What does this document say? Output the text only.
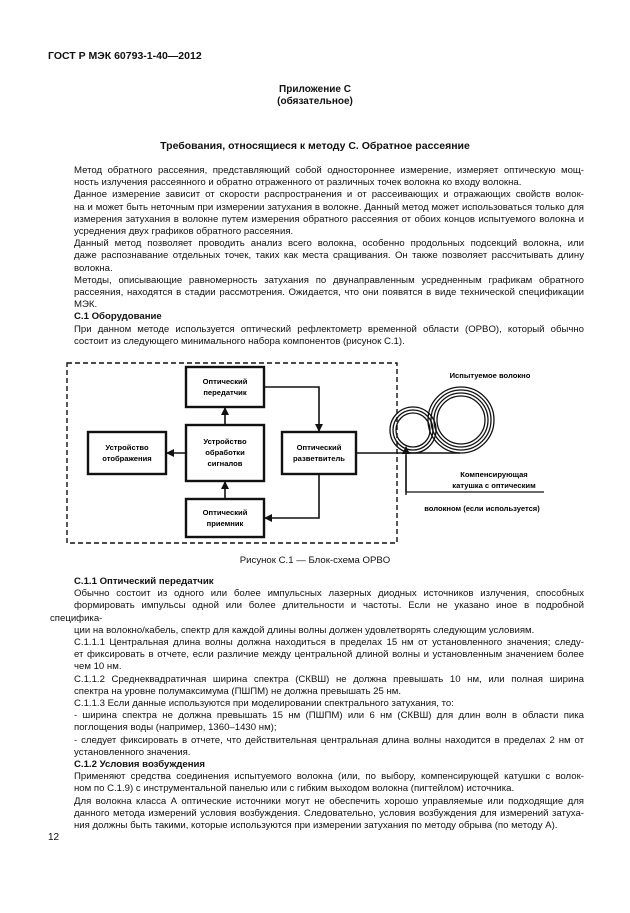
ГОСТ Р МЭК 60793-1-40—2012
Приложение С
(обязательное)
Требования, относящиеся к методу С. Обратное рассеяние

Метод обратного рассеяния, представляющий собой одностороннее измерение, измеряет оптическую мощ-
ность излучения рассеянного и обратно отраженного от различных точек волокна ко входу волокна.

Данное измерение зависит от скорости распространения и от рассеивающих и отражающих свойств волок-
на и может быть неточным при измерении затухания в волокне. Данный метод может использоваться только для
измерения затухания в волокне путем измерения обратного рассеяния от обоих концов испытуемого волокна и
усреднения двух графиков обратного рассеяния.

Данный метод позволяет проводить анализ всего волокна, особенно продольных подсекций волокна, или
даже распознавание отдельных точек, таких как места сращивания. Он также позволяет рассчитывать длину
волокна.

Методы, описывающие равномерность затухания по двунаправленным усредненным графикам обратного
рассеяния, находятся в стадии рассмотрения. Ожидается, что они появятся в виде технической спецификации
МЭК.

С.1 Оборудование

При данном методе используется оптический рефлектометр временной области (OPBO), который обычно
состоит из следующего минимального набора компонентов (рисунок С.1).

Оптический
передатчик
Устройство
обработки
сигналов
Устройство
отображения
Оптический
разветвитель
Оптический
приемник
Испытуемое волокно
Компенсирующая
катушка с оптическим
волокном (если используется)
Рисунок С.1 — Блок-схема OPBO

С.1.1 Оптический передатчик

Обычно состоит из одного или более импульсных лазерных диодных источников излучения, способных
формировать импульсы одной или более длительности и частоты. Если не указано иное в подробной специфика-
ции на волокно/кабель, спектр для каждой длины волны должен удовлетворять следующим условиям.

С.1.1.1 Центральная длина волны должна находиться в пределах 15 нм от установленного значения; следу-
ет фиксировать в отчете, если различие между центральной длиной волны и установленным значением более
чем 10 нм.

С.1.1.2 Среднеквадратичная ширина спектра (СКВШ) не должна превышать 10 нм, или полная ширина
спектра на уровне полумаксимума (ПШПМ) не должна превышать 25 нм.

С.1.1.3 Если данные используются при моделировании спектрального затухания, то:

- ширина спектра не должна превышать 15 нм (ПШПМ) или 6 нм (СКВШ) для длин волн в области пика
поглощения воды (например, 1360–1430 нм);

- следует фиксировать в отчете, что действительная центральная длина волны находится в пределах 2 нм от
установленного значения.

С.1.2 Условия возбуждения

Применяют средства соединения испытуемого волокна (или, по выбору, компенсирующей катушки с волок-
ном по С.1.9) с инструментальной панелью или с гибким выходом волокна (пигтейлом) источника.

Для волокна класса А оптические источники могут не обеспечить хорошо управляемые или подходящие для
данного метода измерений условия возбуждения. Следовательно, условия возбуждения для измерений затуха-
ния должны быть такими, которые используются при измерении затухания по методу обрыва (по методу А).

12
